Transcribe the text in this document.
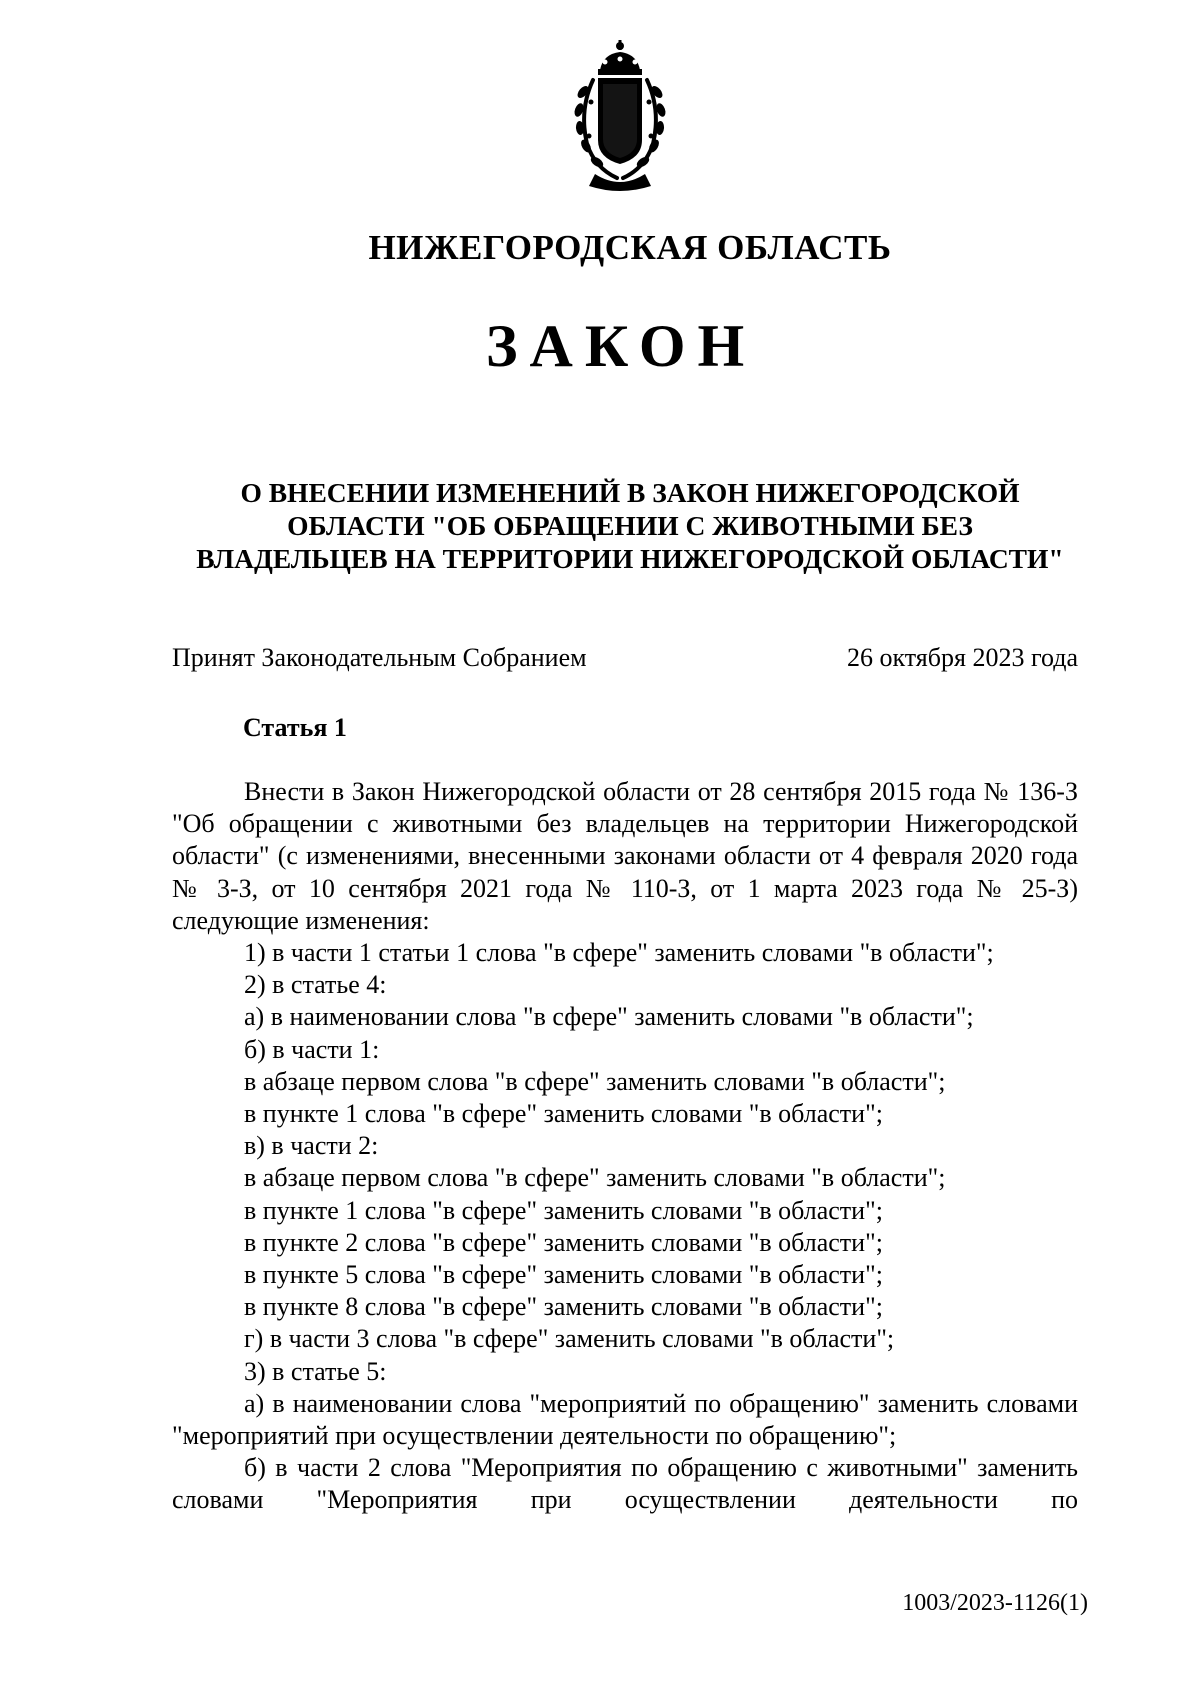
НИЖЕГОРОДСКАЯ ОБЛАСТЬ
ЗАКОН
О ВНЕСЕНИИ ИЗМЕНЕНИЙ В ЗАКОН НИЖЕГОРОДСКОЙ
ОБЛАСТИ "ОБ ОБРАЩЕНИИ С ЖИВОТНЫМИ БЕЗ
ВЛАДЕЛЬЦЕВ НА ТЕРРИТОРИИ НИЖЕГОРОДСКОЙ ОБЛАСТИ"
Принят Законодательным Собранием	26 октября 2023 года
Статья 1

Внести в Закон Нижегородской области от 28 сентября 2015 года № 136-З "Об обращении с животными без владельцев на территории Нижегородской области" (с изменениями, внесенными законами области от 4 февраля 2020 года № 3-З, от 10 сентября 2021 года № 110-З, от 1 марта 2023 года № 25-З) следующие изменения:

1) в части 1 статьи 1 слова "в сфере" заменить словами "в области";

2) в статье 4:

а) в наименовании слова "в сфере" заменить словами "в области";

б) в части 1:

в абзаце первом слова "в сфере" заменить словами "в области";

в пункте 1 слова "в сфере" заменить словами "в области";

в) в части 2:

в абзаце первом слова "в сфере" заменить словами "в области";

в пункте 1 слова "в сфере" заменить словами "в области";

в пункте 2 слова "в сфере" заменить словами "в области";

в пункте 5 слова "в сфере" заменить словами "в области";

в пункте 8 слова "в сфере" заменить словами "в области";

г) в части 3 слова "в сфере" заменить словами "в области";

3) в статье 5:

а) в наименовании слова "мероприятий по обращению" заменить словами "мероприятий при осуществлении деятельности по обращению";

б) в части 2 слова "Мероприятия по обращению с животными" заменить словами "Мероприятия при осуществлении деятельности по

1003/2023-1126(1)
